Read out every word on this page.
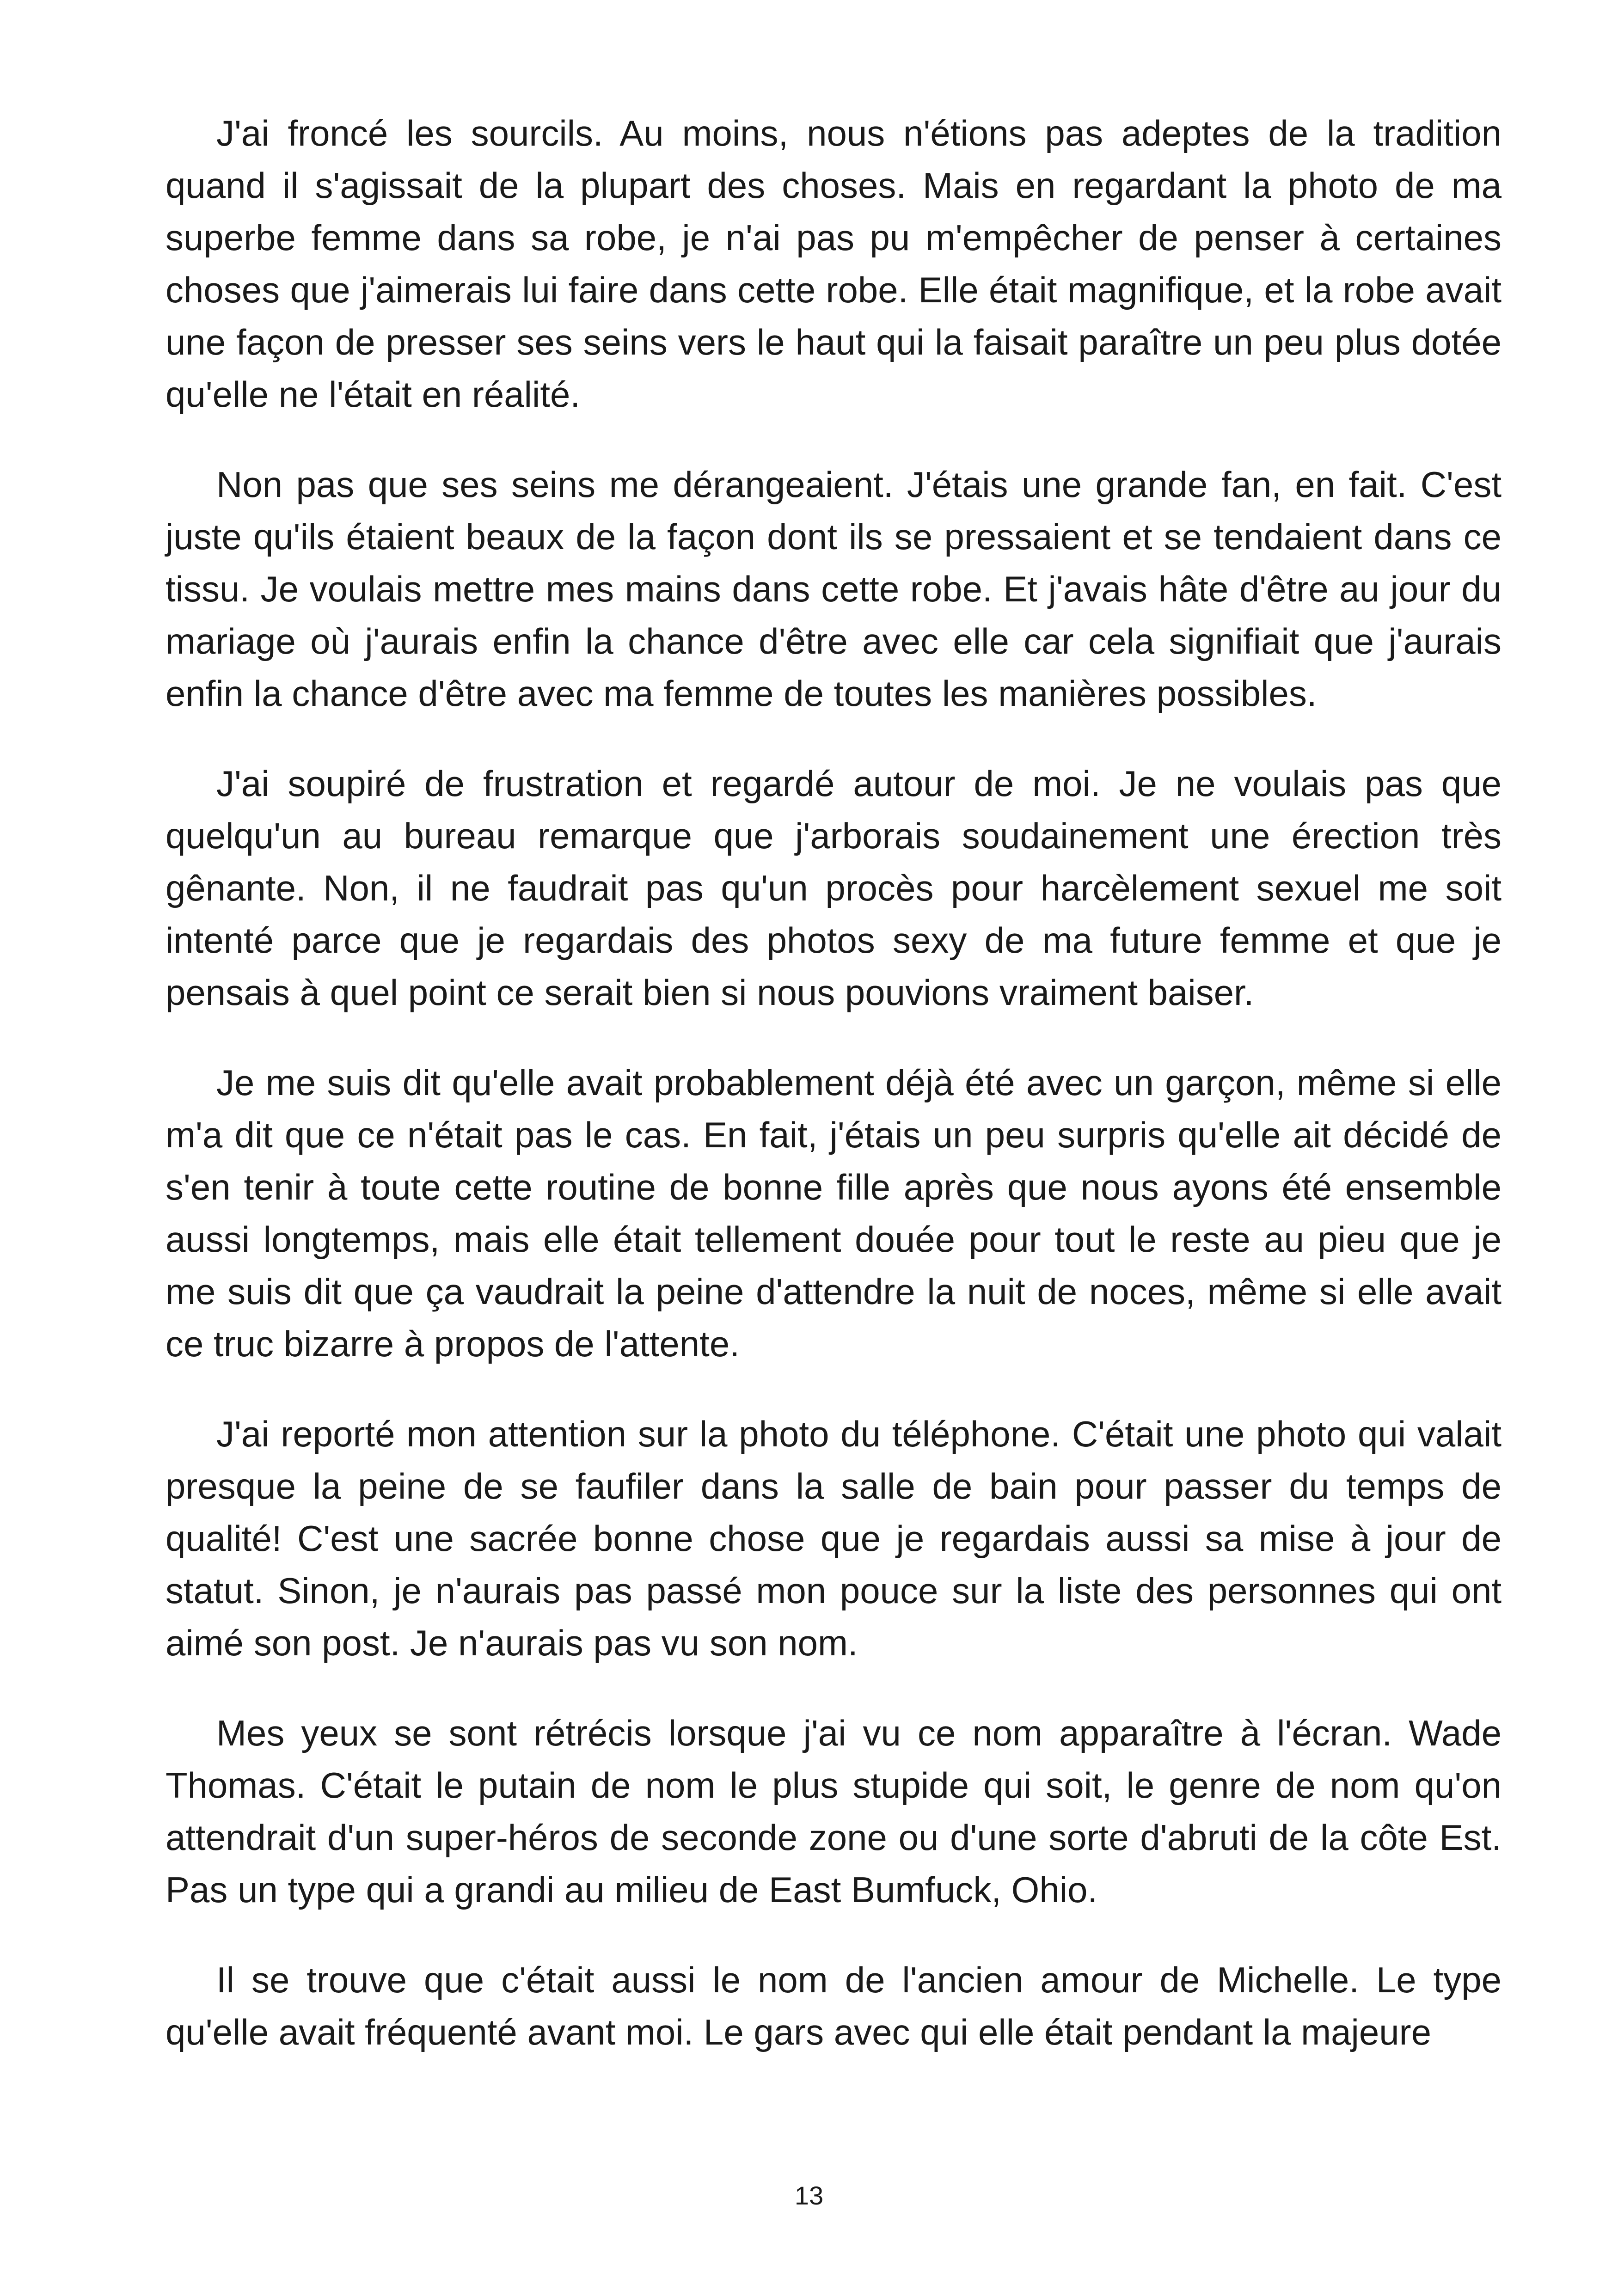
J'ai froncé les sourcils. Au moins, nous n'étions pas adeptes de la tradition quand il s'agissait de la plupart des choses. Mais en regardant la photo de ma superbe femme dans sa robe, je n'ai pas pu m'empêcher de penser à certaines choses que j'aimerais lui faire dans cette robe. Elle était magnifique, et la robe avait une façon de presser ses seins vers le haut qui la faisait paraître un peu plus dotée qu'elle ne l'était en réalité.

Non pas que ses seins me dérangeaient. J'étais une grande fan, en fait. C'est juste qu'ils étaient beaux de la façon dont ils se pressaient et se tendaient dans ce tissu. Je voulais mettre mes mains dans cette robe. Et j'avais hâte d'être au jour du mariage où j'aurais enfin la chance d'être avec elle car cela signifiait que j'aurais enfin la chance d'être avec ma femme de toutes les manières possibles.

J'ai soupiré de frustration et regardé autour de moi. Je ne voulais pas que quelqu'un au bureau remarque que j'arborais soudainement une érection très gênante. Non, il ne faudrait pas qu'un procès pour harcèlement sexuel me soit intenté parce que je regardais des photos sexy de ma future femme et que je pensais à quel point ce serait bien si nous pouvions vraiment baiser.

Je me suis dit qu'elle avait probablement déjà été avec un garçon, même si elle m'a dit que ce n'était pas le cas. En fait, j'étais un peu surpris qu'elle ait décidé de s'en tenir à toute cette routine de bonne fille après que nous ayons été ensemble aussi longtemps, mais elle était tellement douée pour tout le reste au pieu que je me suis dit que ça vaudrait la peine d'attendre la nuit de noces, même si elle avait ce truc bizarre à propos de l'attente.

J'ai reporté mon attention sur la photo du téléphone. C'était une photo qui valait presque la peine de se faufiler dans la salle de bain pour passer du temps de qualité! C'est une sacrée bonne chose que je regardais aussi sa mise à jour de statut. Sinon, je n'aurais pas passé mon pouce sur la liste des personnes qui ont aimé son post. Je n'aurais pas vu son nom.

Mes yeux se sont rétrécis lorsque j'ai vu ce nom apparaître à l'écran. Wade Thomas. C'était le putain de nom le plus stupide qui soit, le genre de nom qu'on attendrait d'un super-héros de seconde zone ou d'une sorte d'abruti de la côte Est. Pas un type qui a grandi au milieu de East Bumfuck, Ohio.

Il se trouve que c'était aussi le nom de l'ancien amour de Michelle. Le type qu'elle avait fréquenté avant moi. Le gars avec qui elle était pendant la majeure

13
